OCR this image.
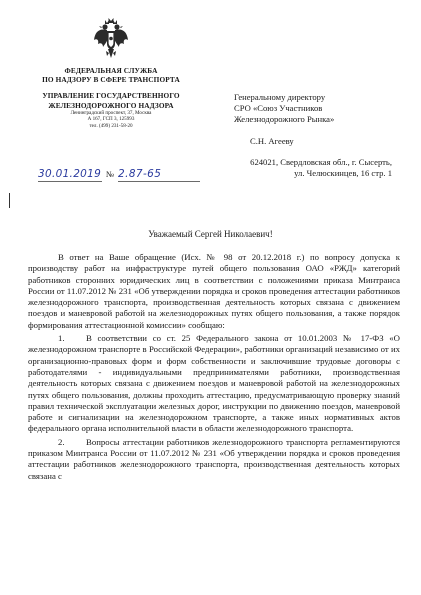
ФЕДЕРАЛЬНАЯ СЛУЖБА
ПО НАДЗОРУ В СФЕРЕ ТРАНСПОРТА
УПРАВЛЕНИЕ ГОСУДАРСТВЕННОГО
ЖЕЛЕЗНОДОРОЖНОГО НАДЗОРА
Ленинградский проспект, 37, Москва
А 167, ГСП 3, 125993
тел. (499) 231-58-20
30.01.2019 № 2.87-65
Генеральному директору
СРО «Союз Участников
Железнодорожного Рынка»
С.Н. Агееву
624021, Свердловская обл., г. Сысерть,
ул. Челюскинцев, 16 стр. 1
Уважаемый Сергей Николаевич!

В ответ на Ваше обращение (Исх. № 98 от 20.12.2018 г.) по вопросу допуска к производству работ на инфраструктуре путей общего пользования ОАО «РЖД» категорий работников сторонних юридических лиц в соответствии с положениями приказа Минтранса России от 11.07.2012 № 231 «Об утверждении порядка и сроков проведения аттестации работников железнодорожного транспорта, производственная деятельность которых связана с движением поездов и маневровой работой на железнодорожных путях общего пользования, а также порядок формирования аттестационной комиссии» сообщаю:

1. В соответствии со ст. 25 Федерального закона от 10.01.2003 № 17-ФЗ «О железнодорожном транспорте в Российской Федерации», работники организаций независимо от их организационно-правовых форм и форм собственности и заключившие трудовые договоры с работодателями - индивидуальными предпринимателями работники, производственная деятельность которых связана с движением поездов и маневровой работой на железнодорожных путях общего пользования, должны проходить аттестацию, предусматривающую проверку знаний правил технической эксплуатации железных дорог, инструкции по движению поездов, маневровой работе и сигнализации на железнодорожном транспорте, а также иных нормативных актов федерального органа исполнительной власти в области железнодорожного транспорта.

2. Вопросы аттестации работников железнодорожного транспорта регламентируются приказом Минтранса России от 11.07.2012 № 231 «Об утверждении порядка и сроков проведения аттестации работников железнодорожного транспорта, производственная деятельность которых связана с
